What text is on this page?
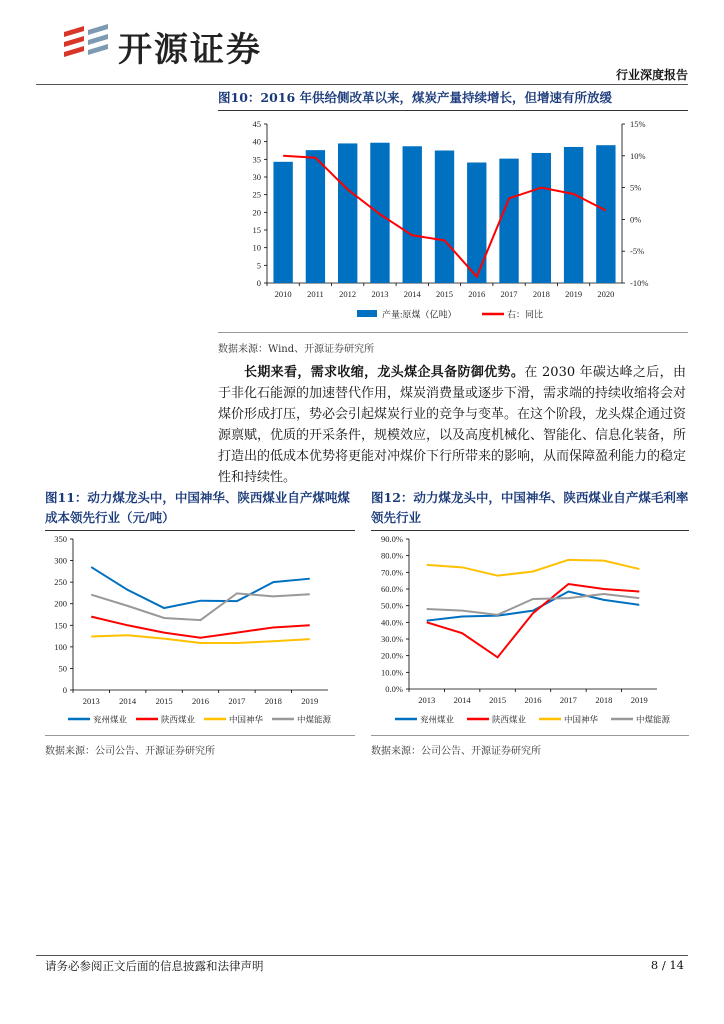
开源证券
行业深度报告
图10：2016 年供给侧改革以来，煤炭产量持续增长，但增速有所放缓
0
5
10
15
20
25
30
35
40
45
2010 2011 2012 2013 2014 2015 2016 2017 2018 2019 2020
-10%
-5%
0%
5%
10%
15%
产量:原煤（亿吨）	右：同比
数据来源：Wind、开源证券研究所
长期来看，需求收缩，龙头煤企具备防御优势。在 2030 年碳达峰之后，由于非化石能源的加速替代作用，煤炭消费量或逐步下滑，需求端的持续收缩将会对煤价形成打压，势必会引起煤炭行业的竞争与变革。在这个阶段，龙头煤企通过资源禀赋，优质的开采条件，规模效应，以及高度机械化、智能化、信息化装备，所打造出的低成本优势将更能对冲煤价下行所带来的影响，从而保障盈利能力的稳定性和持续性。
图11：动力煤龙头中，中国神华、陕西煤业自产煤吨煤成本领先行业（元/吨）
图12：动力煤龙头中，中国神华、陕西煤业自产煤毛利率领先行业
0
50
100
150
200
250
300
350
2013 2014 2015 2016 2017 2018 2019
兖州煤业	陕西煤业	中国神华	中煤能源
0.0%
10.0%
20.0%
30.0%
40.0%
50.0%
60.0%
70.0%
80.0%
90.0%
2013 2014 2015 2016 2017 2018 2019
兖州煤业	陕西煤业	中国神华	中煤能源
数据来源：公司公告、开源证券研究所	数据来源：公司公告、开源证券研究所
请务必参阅正文后面的信息披露和法律声明	8 / 14
